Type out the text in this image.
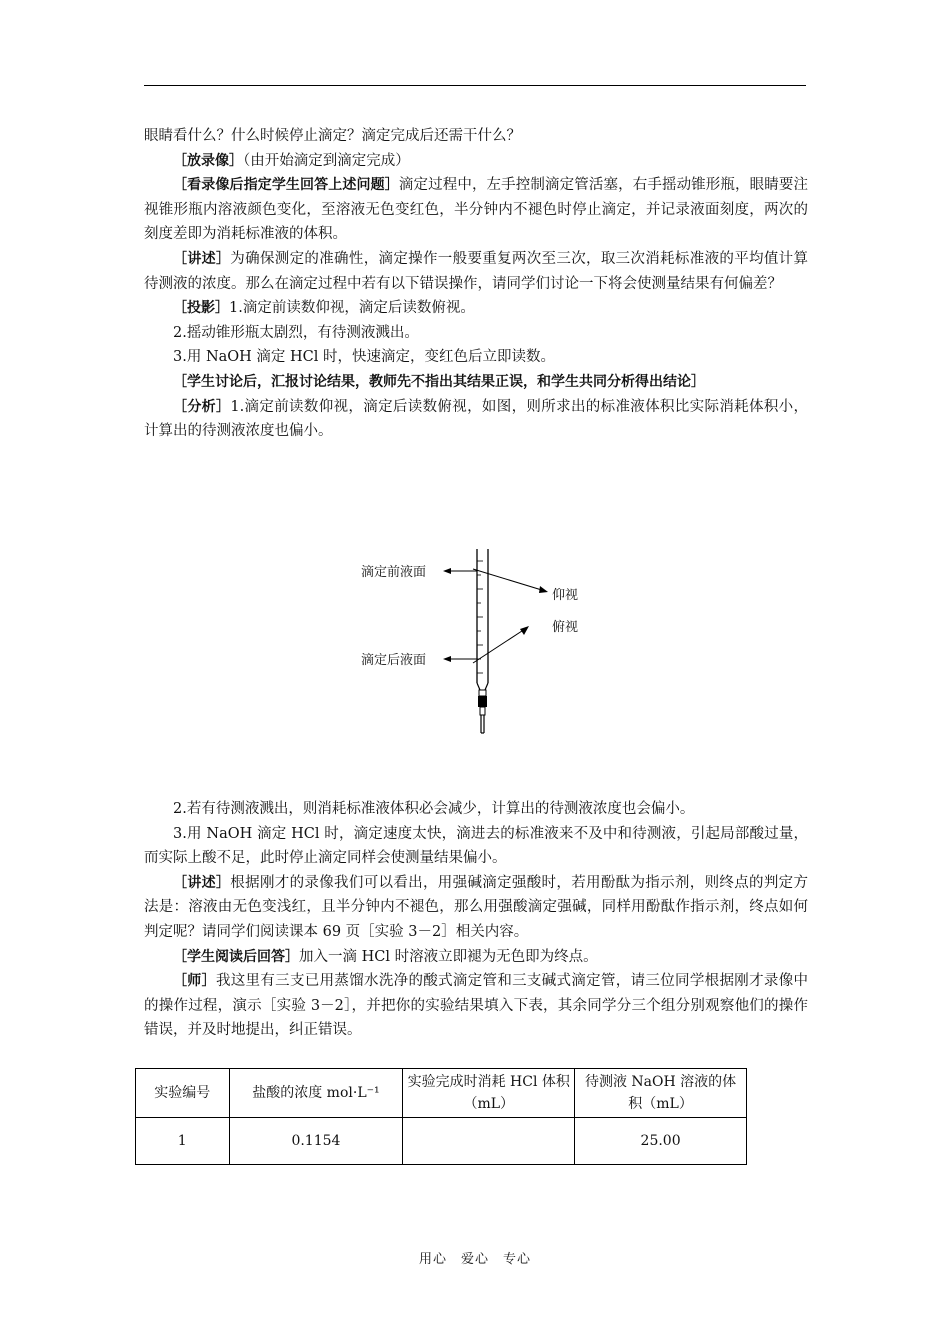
眼睛看什么？什么时候停止滴定？滴定完成后还需干什么？

［放录像］（由开始滴定到滴定完成）

［看录像后指定学生回答上述问题］滴定过程中，左手控制滴定管活塞，右手摇动锥形瓶，眼睛要注视锥形瓶内溶液颜色变化，至溶液无色变红色，半分钟内不褪色时停止滴定，并记录液面刻度，两次的刻度差即为消耗标准液的体积。

［讲述］为确保测定的准确性，滴定操作一般要重复两次至三次，取三次消耗标准液的平均值计算待测液的浓度。那么在滴定过程中若有以下错误操作，请同学们讨论一下将会使测量结果有何偏差？

［投影］1.滴定前读数仰视，滴定后读数俯视。

2.摇动锥形瓶太剧烈，有待测液溅出。

3.用 NaOH 滴定 HCl 时，快速滴定，变红色后立即读数。

［学生讨论后，汇报讨论结果，教师先不指出其结果正误，和学生共同分析得出结论］

［分析］1.滴定前读数仰视，滴定后读数俯视，如图，则所求出的标准液体积比实际消耗体积小，计算出的待测液浓度也偏小。

滴定前液面
滴定后液面
仰视
俯视

2.若有待测液溅出，则消耗标准液体积必会减少，计算出的待测液浓度也会偏小。

3.用 NaOH 滴定 HCl 时，滴定速度太快，滴进去的标准液来不及中和待测液，引起局部酸过量，而实际上酸不足，此时停止滴定同样会使测量结果偏小。

［讲述］根据刚才的录像我们可以看出，用强碱滴定强酸时，若用酚酞为指示剂，则终点的判定方法是：溶液由无色变浅红，且半分钟内不褪色，那么用强酸滴定强碱，同样用酚酞作指示剂，终点如何判定呢？请同学们阅读课本 69 页［实验 3－2］相关内容。

［学生阅读后回答］加入一滴 HCl 时溶液立即褪为无色即为终点。

［师］我这里有三支已用蒸馏水洗净的酸式滴定管和三支碱式滴定管，请三位同学根据刚才录像中的操作过程，演示［实验 3－2］，并把你的实验结果填入下表，其余同学分三个组分别观察他们的操作错误，并及时地提出，纠正错误。

实验编号	盐酸的浓度 mol·L⁻¹	实验完成时消耗 HCl 体积（mL）	待测液 NaOH 溶液的体积（mL）
1	0.1154		25.00
用心　爱心　专心
